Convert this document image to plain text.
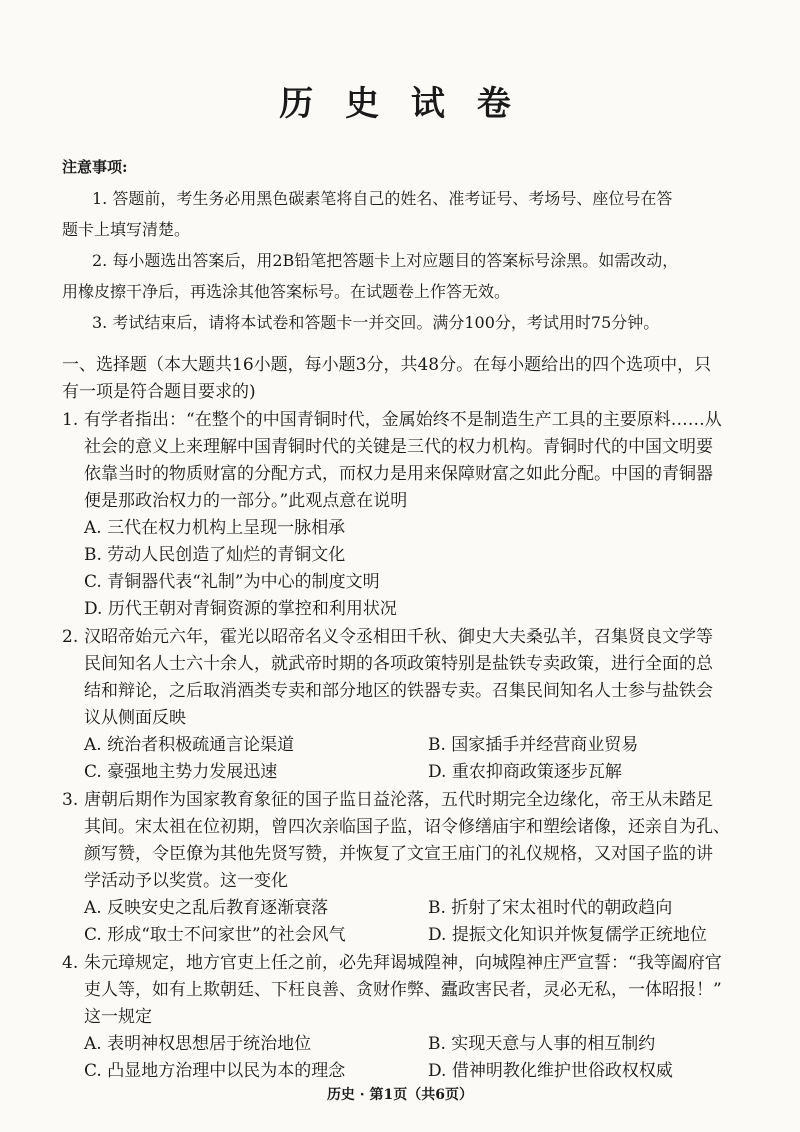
历 史 试 卷
注意事项:

1. 答题前，考生务必用黑色碳素笔将自己的姓名、准考证号、考场号、座位号在答

题卡上填写清楚。

2. 每小题选出答案后，用2B铅笔把答题卡上对应题目的答案标号涂黑。如需改动，

用橡皮擦干净后，再选涂其他答案标号。在试题卷上作答无效。

3. 考试结束后，请将本试卷和答题卡一并交回。满分100分，考试用时75分钟。

一、选择题（本大题共16小题，每小题3分，共48分。在每小题给出的四个选项中，只

有一项是符合题目要求的)

1. 有学者指出：“在整个的中国青铜时代，金属始终不是制造生产工具的主要原料……从
社会的意义上来理解中国青铜时代的关键是三代的权力机构。青铜时代的中国文明要
依靠当时的物质财富的分配方式，而权力是用来保障财富之如此分配。中国的青铜器
便是那政治权力的一部分。”此观点意在说明
A. 三代在权力机构上呈现一脉相承
B. 劳动人民创造了灿烂的青铜文化
C. 青铜器代表“礼制”为中心的制度文明
D. 历代王朝对青铜资源的掌控和利用状况
2. 汉昭帝始元六年，霍光以昭帝名义令丞相田千秋、御史大夫桑弘羊，召集贤良文学等
民间知名人士六十余人，就武帝时期的各项政策特别是盐铁专卖政策，进行全面的总
结和辩论，之后取消酒类专卖和部分地区的铁器专卖。召集民间知名人士参与盐铁会
议从侧面反映
A. 统治者积极疏通言论渠道	B. 国家插手并经营商业贸易
C. 豪强地主势力发展迅速	D. 重农抑商政策逐步瓦解
3. 唐朝后期作为国家教育象征的国子监日益沦落，五代时期完全边缘化，帝王从未踏足
其间。宋太祖在位初期，曾四次亲临国子监，诏令修缮庙宇和塑绘诸像，还亲自为孔、
颜写赞，令臣僚为其他先贤写赞，并恢复了文宣王庙门的礼仪规格，又对国子监的讲
学活动予以奖赏。这一变化
A. 反映安史之乱后教育逐渐衰落	B. 折射了宋太祖时代的朝政趋向
C. 形成“取士不问家世”的社会风气	D. 提振文化知识并恢复儒学正统地位
4. 朱元璋规定，地方官吏上任之前，必先拜谒城隍神，向城隍神庄严宣誓：“我等阖府官
吏人等，如有上欺朝廷、下枉良善、贪财作弊、蠹政害民者，灵必无私，一体昭报！”
这一规定
A. 表明神权思想居于统治地位	B. 实现天意与人事的相互制约
C. 凸显地方治理中以民为本的理念	D. 借神明教化维护世俗政权权威
历史 · 第1页（共6页）
